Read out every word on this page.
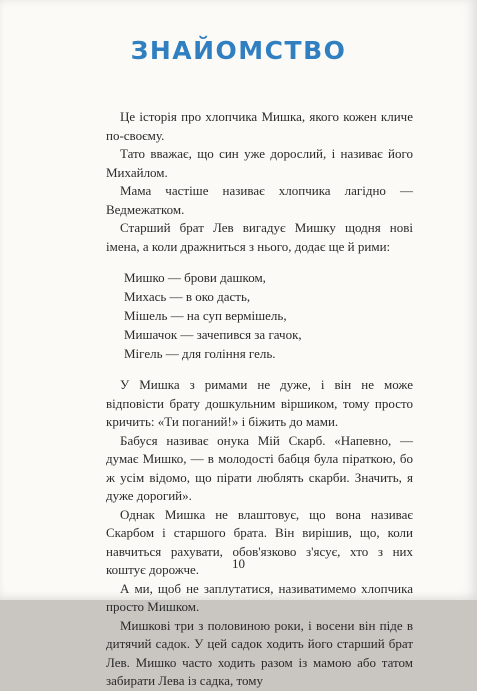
ЗНАЙОМСТВО

Це історія про хлопчика Мишка, якого кожен кличе по-своєму.

Тато вважає, що син уже дорослий, і називає його Михайлом.

Мама частіше називає хлопчика лагідно — Ведмежатком.

Старший брат Лев вигадує Мишку щодня нові імена, а коли дражниться з нього, додає ще й рими:

Мишко — брови дашком,
Михась — в око дасть,
Мішель — на суп вермішель,
Мишачок — зачепився за гачок,
Мігель — для гоління гель.

У Мишка з римами не дуже, і він не може відповісти брату дошкульним віршиком, тому просто кричить: «Ти поганий!» і біжить до мами.

Бабуся називає онука Мій Скарб. «Напевно, — думає Мишко, — в молодості бабця була піраткою, бо ж усім відомо, що пірати люблять скарби. Значить, я дуже дорогий».

Однак Мишка не влаштовує, що вона називає Скарбом і старшого брата. Він вирішив, що, коли навчиться рахувати, обов'язково з'ясує, хто з них коштує дорожче.

А ми, щоб не заплутатися, називатимемо хлопчика просто Мишком.

Мишкові три з половиною роки, і восени він піде в дитячий садок. У цей садок ходить його старший брат Лев. Мишко часто ходить разом із мамою або татом забирати Лева із садка, тому

10
